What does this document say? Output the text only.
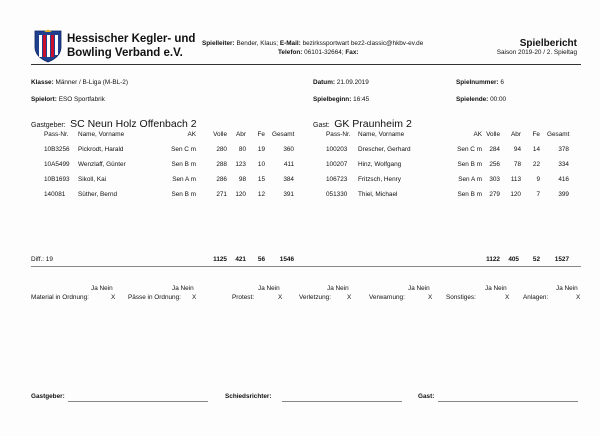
Hessischer Kegler- und
Bowling Verband e.V.
Spielleiter: Bender, Klaus; E-Mail: bezirkssportwart bez2-classic@hkbv-ev.de
Telefon: 06101-32664; Fax:
Spielbericht
Saison 2019-20 / 2. Spieltag
Klasse: Männer / B-Liga (M-BL-2)	Datum: 21.09.2019	Spielnummer: 6
Spielort: ESO Sportfabrik	Spielbeginn: 16:45	Spielende: 00:00
Gastgeber: SC Neun Holz Offenbach 2	Gast: GK Praunheim 2
Pass-Nr.	Name, Vorname	AK	Volle	Abr	Fe Gesamt
10B3256	Pickrodt, Harald	Sen C m	280	80	19	360
10A5499	Wenzlaff, Günter	Sen B m	288	123	10	411
10B1693	Sikoll, Kai	Sen A m	286	98	15	384
140081	Süther, Bernd	Sen B m	271	120	12	391
Pass-Nr.	Name, Vorname	AK Volle	Abr	Fe Gesamt
100203	Drescher, Gerhard	Sen C m	284	94	14	378
100207	Hinz, Wolfgang	Sen B m	256	78	22	334
106723	Fritzsch, Henry	Sen A m	303	113	9	416
051330	Thiel, Michael	Sen B m	279	120	7	399
Diff.: 19	1125	421	56	1546	1122	405	52	1527
Ja Nein
Material in Ordnung:	X
Ja Nein
Pässe in Ordnung: X
Ja Nein
Protest:	X
Ja Nein
Verletzung:	X
Ja Nein
Verwarnung:	X
Ja Nein
Sonstiges:	X
Ja Nein
Anlagen:	X
Gastgeber:	Schiedsrichter:	Gast:
